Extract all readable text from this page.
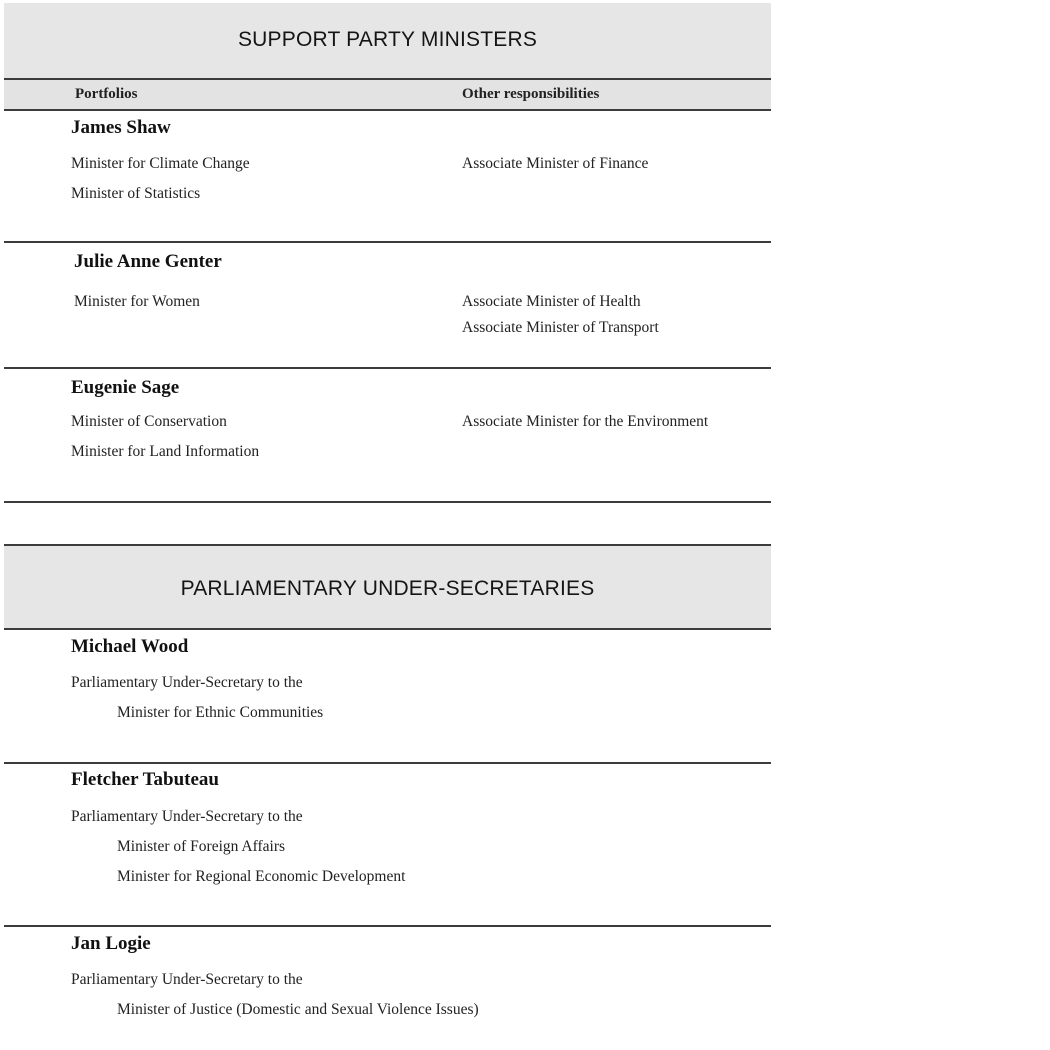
SUPPORT PARTY MINISTERS
Portfolios	Other responsibilities
James Shaw
Minister for Climate Change
Minister of Statistics
Associate Minister of Finance
Julie Anne Genter
Minister for Women	Associate Minister of Health
Associate Minister of Transport
Eugenie Sage
Minister of Conservation
Minister for Land Information
Associate Minister for the Environment
PARLIAMENTARY UNDER-SECRETARIES
Michael Wood
Parliamentary Under-Secretary to the
Minister for Ethnic Communities
Fletcher Tabuteau
Parliamentary Under-Secretary to the
Minister of Foreign Affairs
Minister for Regional Economic Development
Jan Logie
Parliamentary Under-Secretary to the
Minister of Justice (Domestic and Sexual Violence Issues)
